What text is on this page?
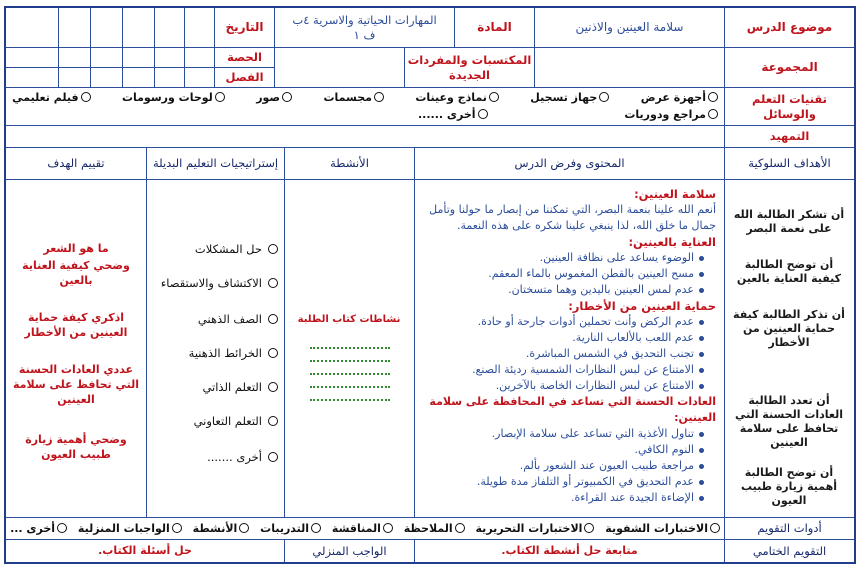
موضوع الدرس
سلامة العينين والاذنين
المادة
المهارات الحياتية والاسرية ٤ب
ف ١
التاريخ
المجموعة
المكتسبات والمفردات الجديدة
الحصة
الفصل
تقنيات التعلم والوسائل
أجهزة عرض
جهاز تسجيل
نماذج وعينات
مجسمات
صور
لوحات ورسومات
فيلم تعليمي
مراجع ودوريات
أخرى ......
التمهيد
الأهداف السلوكية
المحتوى وفرض الدرس
الأنشطة
إستراتيجيات التعليم البديلة
تقييم الهدف
أن تشكر الطالبة الله على نعمة البصر
أن توضح الطالبة كيفية العناية بالعين
أن تذكر الطالبة كيفة حماية العينين من الأخطار
أن تعدد الطالبة العادات الحسنة التي تحافظ على سلامة العينين
أن توضح الطالبة أهمية زيارة طبيب العيون

سلامة العينين:

أنعم الله علينا بنعمة البصر، التي تمكننا من إبصار ما حولنا وتأمل جمال ما خلق الله، لذا ينبغي علينا شكره على هذه النعمة.

العناية بالعينين:

الوضوء يساعد على نظافة العينين.

مسح العينين بالقطن المغموس بالماء المعقم.

عدم لمس العينين باليدين وهما متسختان.

حماية العينين من الأخطار:

عدم الركض وأنت تحملين أدوات جارحة أو حادة.

عدم اللعب بالألعاب النارية.

تجنب التحديق في الشمس المباشرة.

الامتناع عن لبس النظارات الشمسية رديئة الصنع.

الامتناع عن لبس النظارات الخاصة بالآخرين.

العادات الحسنة التي تساعد في المحافظة على سلامة العينين:

تناول الأغذية التي تساعد على سلامة الإبصار.

النوم الكافي.

مراجعة طبيب العيون عند الشعور بألم.

عدم التحديق في الكمبيوتر أو التلفاز مدة طويلة.

الإضاءة الجيدة عند القراءة.

نشاطات كتاب الطلبة
حل المشكلات
الاكتشاف والاستقصاء
الصف الذهني
الخرائط الذهنية
التعلم الذاتي
التعلم التعاوني
أخرى .......
ما هو الشعر
وضحي كيفية العناية بالعين
اذكري كيفة حماية العينين من الأخطار
عددي العادات الحسنة التي تحافظ على سلامة العينين
وضحي أهمية زيارة طبيب العيون
أدوات التقويم
الاختبارات الشفوية
الاختبارات التحريرية
الملاحظة
المناقشة
التدريبات
الأنشطة
الواجبات المنزلية
أخرى ...
التقويم الختامي
متابعة حل أنشطة الكتاب.
الواجب المنزلي
حل أسئلة الكتاب.
